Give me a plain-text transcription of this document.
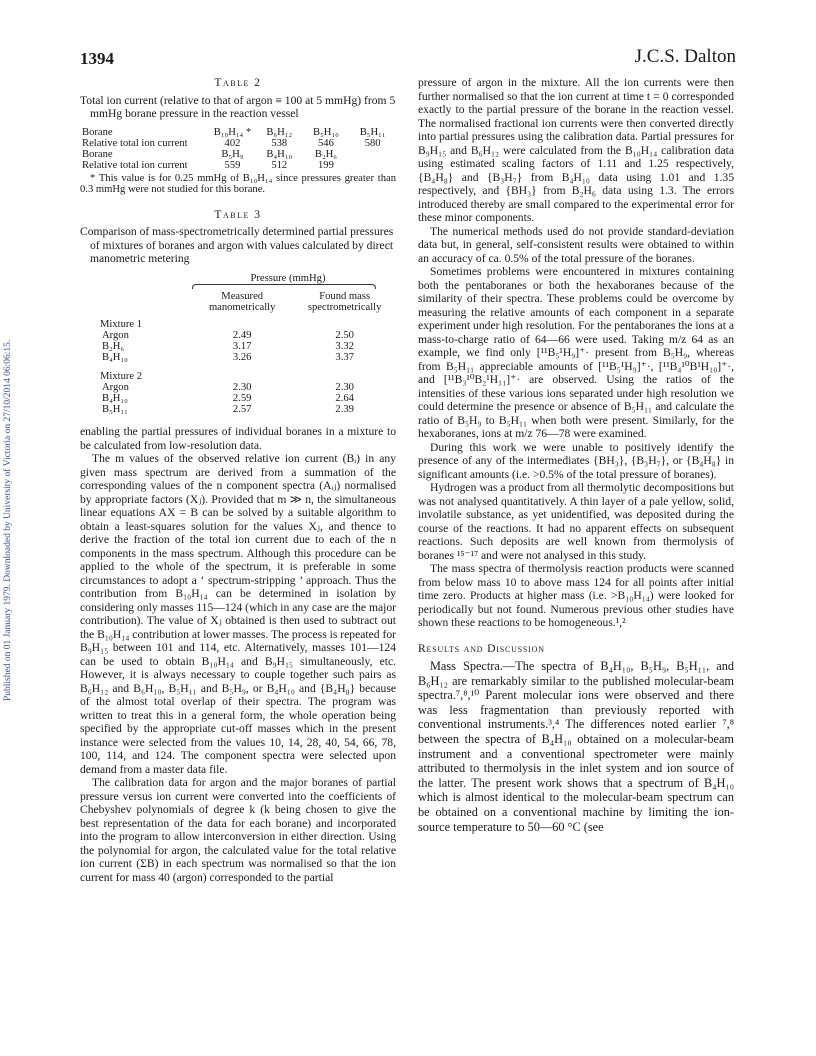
Published on 01 January 1979. Downloaded by University of Victoria on 27/10/2014 06:06:15.
1394	J.C.S. Dalton
Table 2

Total ion current (relative to that of argon ≡ 100 at 5 mmHg) from 5 mmHg borane pressure in the reaction vessel

Borane	B₁₀H₁₄ *	B₆H₁₂	B₅H₁₀	B₅H₁₁
Relative total ion current	402	538	546	580
Borane	B₅H₉	B₄H₁₀	B₂H₆	
Relative total ion current	559	512	199	

* This value is for 0.25 mmHg of B₁₀H₁₄ since pressures greater than 0.3 mmHg were not studied for this borane.

Table 3

Comparison of mass-spectrometrically determined partial pressures of mixtures of boranes and argon with values calculated by direct manometric metering

Pressure (mmHg)
	Measured manometrically	Found mass spectrometrically

Mixture 1		
Argon	2.49	2.50
B₂H₆	3.17	3.32
B₄H₁₀	3.26	3.37

Mixture 2		
Argon	2.30	2.30
B₄H₁₀	2.59	2.64
B₅H₁₁	2.57	2.39

enabling the partial pressures of individual boranes in a mixture to be calculated from low-resolution data.

The m values of the observed relative ion current (Bᵢ) in any given mass spectrum are derived from a summation of the corresponding values of the n component spectra (Aᵢⱼ) normalised by appropriate factors (Xⱼ). Provided that m ≫ n, the simultaneous linear equations AX = B can be solved by a suitable algorithm to obtain a least-squares solution for the values Xⱼ, and thence to derive the fraction of the total ion current due to each of the n components in the mass spectrum. Although this procedure can be applied to the whole of the spectrum, it is preferable in some circumstances to adopt a ‘ spectrum-stripping ’ approach. Thus the contribution from B₁₀H₁₄ can be determined in isolation by considering only masses 115—124 (which in any case are the major contribution). The value of Xⱼ obtained is then used to subtract out the B₁₀H₁₄ contribution at lower masses. The process is repeated for B₉H₁₅ between 101 and 114, etc. Alternatively, masses 101—124 can be used to obtain B₁₀H₁₄ and B₉H₁₅ simultaneously, etc. However, it is always necessary to couple together such pairs as B₆H₁₂ and B₆H₁₀, B₅H₁₁ and B₅H₉, or B₄H₁₀ and {B₄H₈} because of the almost total overlap of their spectra. The program was written to treat this in a general form, the whole operation being specified by the appropriate cut-off masses which in the present instance were selected from the values 10, 14, 28, 40, 54, 66, 78, 100, 114, and 124. The component spectra were selected upon demand from a master data file.

The calibration data for argon and the major boranes of partial pressure versus ion current were converted into the coefficients of Chebyshev polynomials of degree k (k being chosen to give the best representation of the data for each borane) and incorporated into the program to allow interconversion in either direction. Using the polynomial for argon, the calculated value for the total relative ion current (ΣB) in each spectrum was normalised so that the ion current for mass 40 (argon) corresponded to the partial

pressure of argon in the mixture. All the ion currents were then further normalised so that the ion current at time t = 0 corresponded exactly to the partial pressure of the borane in the reaction vessel. The normalised fractional ion currents were then converted directly into partial pressures using the calibration data. Partial pressures for B₉H₁₅ and B₆H₁₂ were calculated from the B₁₀H₁₄ calibration data using estimated scaling factors of 1.11 and 1.25 respectively, {B₄H₈} and {B₃H₇} from B₄H₁₀ data using 1.01 and 1.35 respectively, and {BH₃} from B₂H₆ data using 1.3. The errors introduced thereby are small compared to the experimental error for these minor components.

The numerical methods used do not provide standard-deviation data but, in general, self-consistent results were obtained to within an accuracy of ca. 0.5% of the total pressure of the boranes.

Sometimes problems were encountered in mixtures containing both the pentaboranes or both the hexaboranes because of the similarity of their spectra. These problems could be overcome by measuring the relative amounts of each component in a separate experiment under high resolution. For the pentaboranes the ions at a mass-to-charge ratio of 64—66 were used. Taking m/z 64 as an example, we find only [¹¹B₅¹H₉]⁺· present from B₅H₉, whereas from B₅H₁₁ appreciable amounts of [¹¹B₅¹H₉]⁺·, [¹¹B₄¹⁰B¹H₁₀]⁺·, and [¹¹B₃¹⁰B₂¹H₁₁]⁺· are observed. Using the ratios of the intensities of these various ions separated under high resolution we could determine the presence or absence of B₅H₁₁ and calculate the ratio of B₅H₉ to B₅H₁₁ when both were present. Similarly, for the hexaboranes, ions at m/z 76—78 were examined.

During this work we were unable to positively identify the presence of any of the intermediates {BH₃}, {B₃H₇}, or {B₄H₈} in significant amounts (i.e. >0.5% of the total pressure of boranes).

Hydrogen was a product from all thermolytic decompositions but was not analysed quantitatively. A thin layer of a pale yellow, solid, involatile substance, as yet unidentified, was deposited during the course of the reactions. It had no apparent effects on subsequent reactions. Such deposits are well known from thermolysis of boranes ¹⁵⁻¹⁷ and were not analysed in this study.

The mass spectra of thermolysis reaction products were scanned from below mass 10 to above mass 124 for all points after initial time zero. Products at higher mass (i.e. >B₁₀H₁₄) were looked for periodically but not found. Numerous previous other studies have shown these reactions to be homogeneous.¹,²

Results and Discussion

Mass Spectra.—The spectra of B₄H₁₀, B₅H₉, B₅H₁₁, and B₆H₁₂ are remarkably similar to the published molecular-beam spectra.⁷,⁸,¹⁰ Parent molecular ions were observed and there was less fragmentation than previously reported with conventional instruments.³,⁴ The differences noted earlier ⁷,⁸ between the spectra of B₄H₁₀ obtained on a molecular-beam instrument and a conventional spectrometer were mainly attributed to thermolysis in the inlet system and ion source of the latter. The present work shows that a spectrum of B₄H₁₀ which is almost identical to the molecular-beam spectrum can be obtained on a conventional machine by limiting the ion-source temperature to 50—60 °C (see
